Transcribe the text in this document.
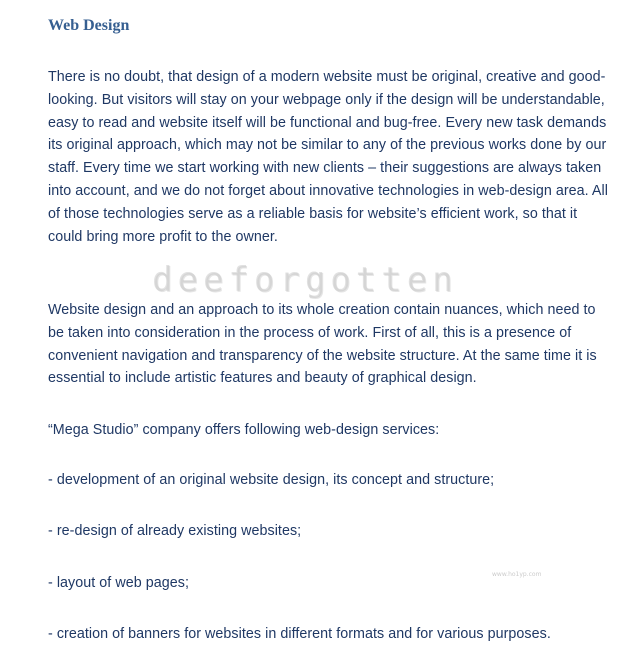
Web Design

There is no doubt, that design of a modern website must be original, creative and good-looking. But visitors will stay on your webpage only if the design will be understandable, easy to read and website itself will be functional and bug-free. Every new task demands its original approach, which may not be similar to any of the previous works done by our staff. Every time we start working with new clients – their suggestions are always taken into account, and we do not forget about innovative technologies in web-design area. All of those technologies serve as a reliable basis for website’s efficient work, so that it could bring more profit to the owner.

Website design and an approach to its whole creation contain nuances, which need to be taken into consideration in the process of work. First of all, this is a presence of convenient navigation and transparency of the website structure. At the same time it is essential to include artistic features and beauty of graphical design.

“Mega Studio” company offers following web-design services:

- development of an original website design, its concept and structure;

- re-design of already existing websites;

- layout of web pages;

- creation of banners for websites in different formats and for various purposes.

deeforgotten
www.ho1yp.com
